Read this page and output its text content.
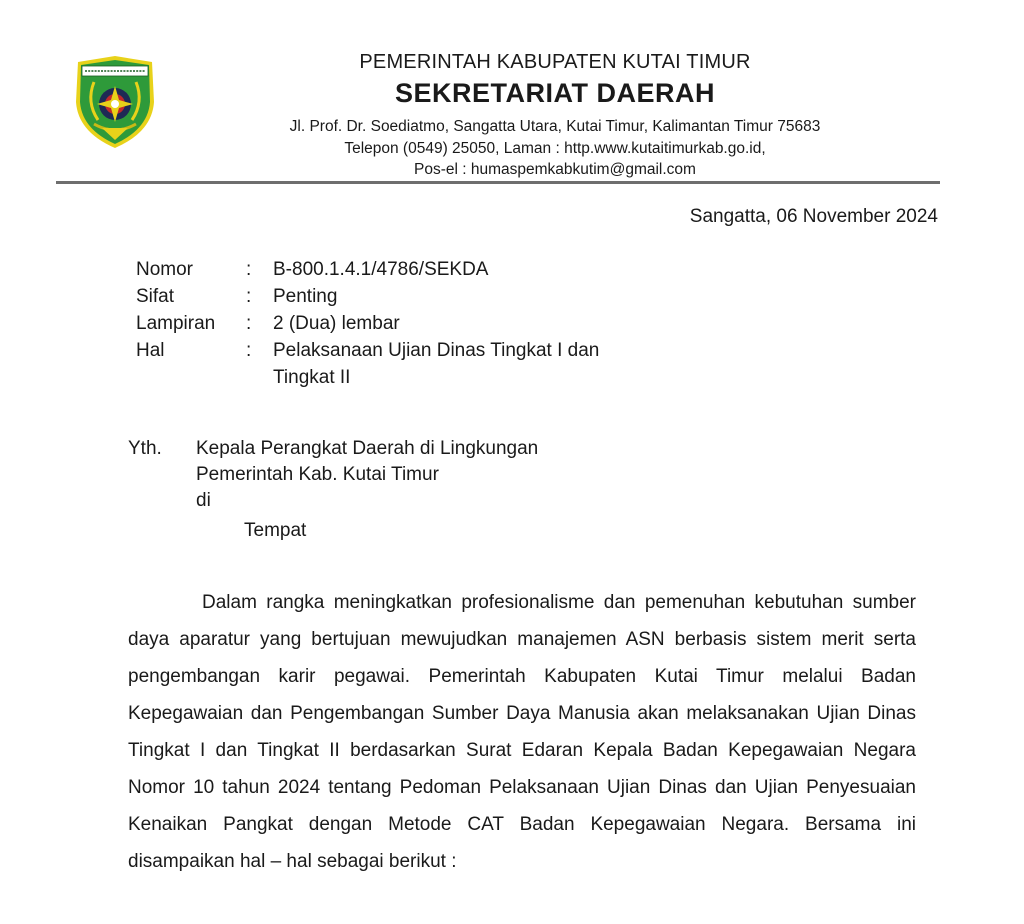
PEMERINTAH KABUPATEN KUTAI TIMUR
SEKRETARIAT DAERAH
Jl. Prof. Dr. Soediatmo, Sangatta Utara, Kutai Timur, Kalimantan Timur 75683
Telepon (0549) 25050, Laman : http.www.kutaitimurkab.go.id,
Pos-el : humaspemkabkutim@gmail.com
Sangatta, 06 November 2024
Nomor	:	B-800.1.4.1/4786/SEKDA
Sifat	:	Penting
Lampiran	:	2 (Dua) lembar
Hal	:	Pelaksanaan Ujian Dinas Tingkat I dan Tingkat II
Yth.	Kepala Perangkat Daerah di Lingkungan
Pemerintah Kab. Kutai Timur
di
Tempat

Dalam rangka meningkatkan profesionalisme dan pemenuhan kebutuhan sumber daya aparatur yang bertujuan mewujudkan manajemen ASN berbasis sistem merit serta pengembangan karir pegawai. Pemerintah Kabupaten Kutai Timur melalui Badan Kepegawaian dan Pengembangan Sumber Daya Manusia akan melaksanakan Ujian Dinas Tingkat I dan Tingkat II berdasarkan Surat Edaran Kepala Badan Kepegawaian Negara Nomor 10 tahun 2024 tentang Pedoman Pelaksanaan Ujian Dinas dan Ujian Penyesuaian Kenaikan Pangkat dengan Metode CAT Badan Kepegawaian Negara. Bersama ini disampaikan hal – hal sebagai berikut :
